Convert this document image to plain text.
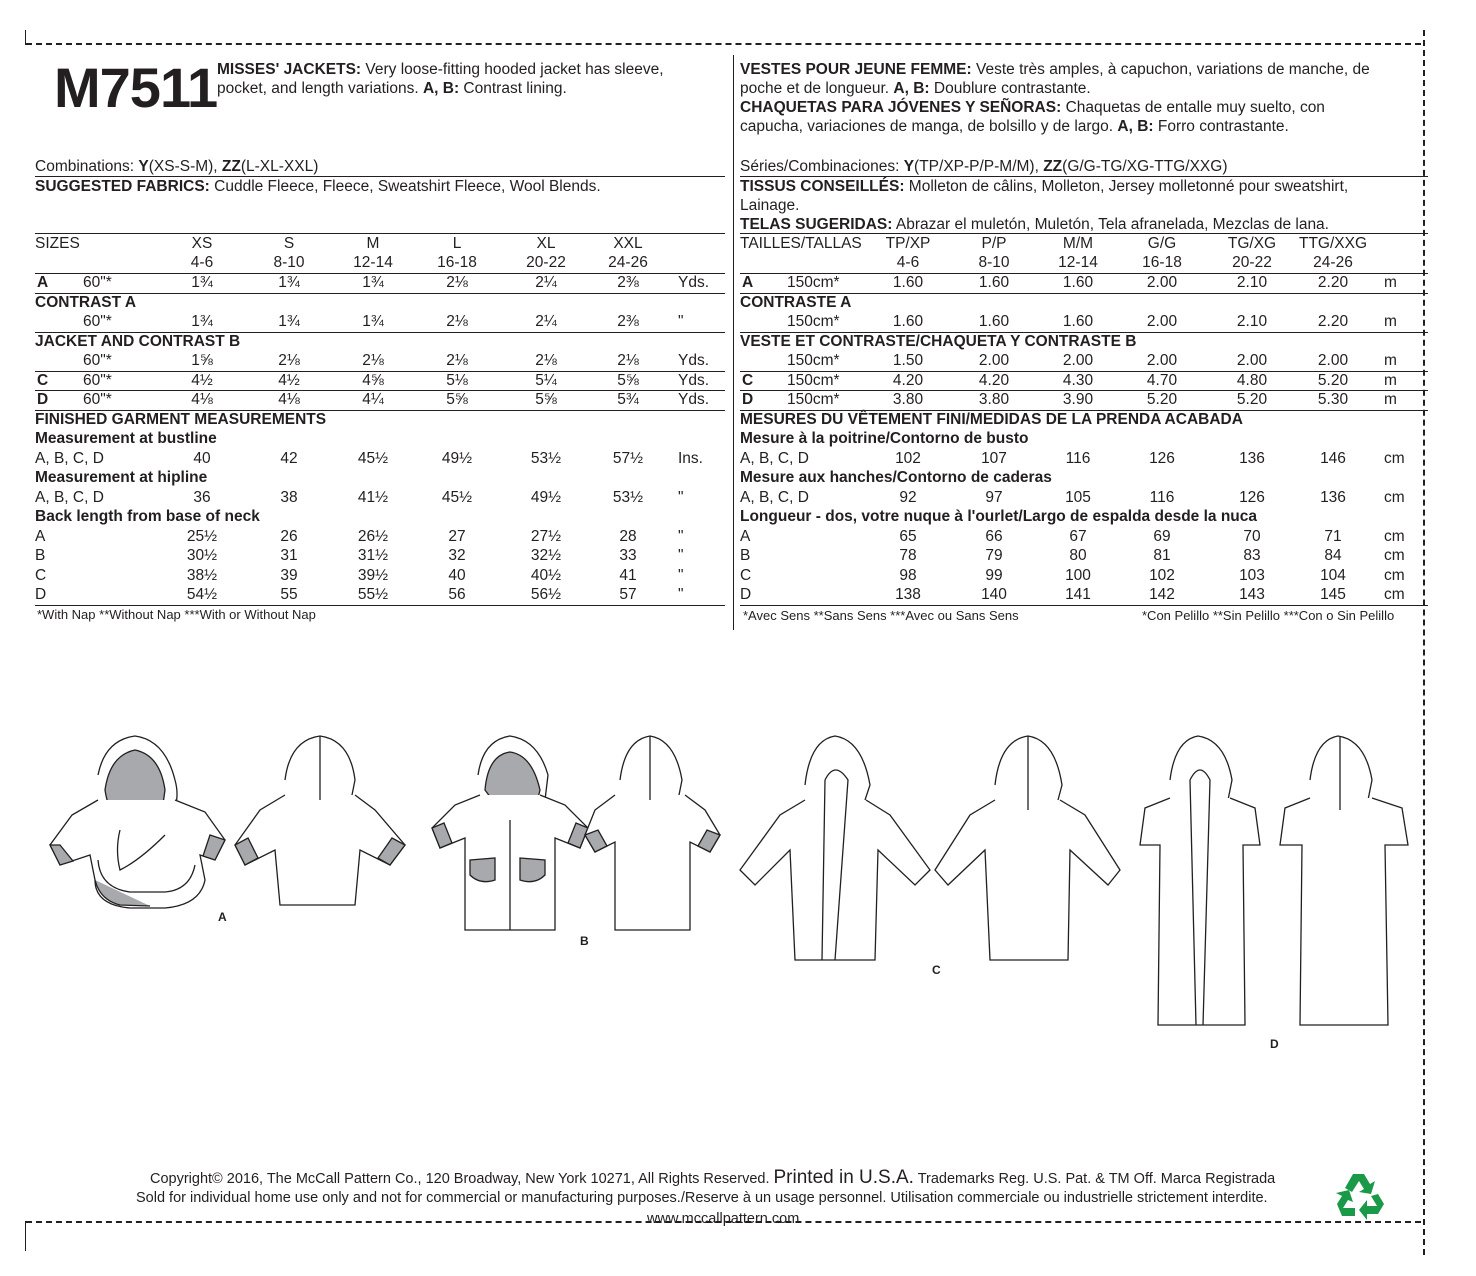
M7511 MISSES' JACKETS: Very loose-fitting hooded jacket has sleeve,
pocket, and length variations. A, B: Contrast lining.
VESTES POUR JEUNE FEMME: Veste très amples, à capuchon, variations de manche, de
poche et de longueur. A, B: Doublure contrastante.
CHAQUETAS PARA JÓVENES Y SEÑORAS: Chaquetas de entalle muy suelto, con
capucha, variaciones de manga, de bolsillo y de largo. A, B: Forro contrastante.
Combinations: Y(XS-S-M), ZZ(L-XL-XXL)
SUGGESTED FABRICS: Cuddle Fleece, Fleece, Sweatshirt Fleece, Wool Blends.
Séries/Combinaciones: Y(TP/XP-P/P-M/M), ZZ(G/G-TG/XG-TTG/XXG)
TISSUS CONSEILLÉS: Molleton de câlins, Molleton, Jersey molletonné pour sweatshirt,
Lainage.
TELAS SUGERIDAS: Abrazar el muletón, Muletón, Tela afranelada, Mezclas de lana.
SIZES	XS	S	M	L	XL	XXL
4-6	8-10	12-14	16-18	20-22	24-26
A 60"*	1¾	1¾	1¾	2⅛	2¼	2⅜	Yds.
CONTRAST A
60"*	1¾	1¾	1¾	2⅛	2¼	2⅜	"
JACKET AND CONTRAST B
60"*	1⅝	2⅛	2⅛	2⅛	2⅛	2⅛	Yds.
C 60"*	4½	4½	4⅝	5⅛	5¼	5⅝	Yds.
D 60"*	4⅛	4⅛	4¼	5⅝	5⅝	5¾	Yds.
FINISHED GARMENT MEASUREMENTS
Measurement at bustline
A, B, C, D	40	42	45½	49½	53½	57½ Ins.
Measurement at hipline
A, B, C, D	36	38	41½	45½	49½	53½ "
Back length from base of neck
A	25½	26	26½	27	27½	28	"
B	30½	31	31½	32	32½	33	"
C	38½	39	39½	40	40½	41	"
D	54½	55	55½	56	56½	57	"
A 150cm*	1.60	1.60	1.60	2.00	2.10	2.20 m
CONTRASTE A
150cm*	1.60	1.60	1.60	2.00	2.10	2.20 m
VESTE ET CONTRASTE/CHAQUETA Y CONTRASTE B
150cm*	1.50	2.00	2.00	2.00	2.00	2.00 m
C 150cm*	4.20	4.20	4.30	4.70	4.80	5.20 m
D 150cm*	3.80	3.80	3.90	5.20	5.20	5.30 m
MESURES DU VÊTEMENT FINI/MEDIDAS DE LA PRENDA ACABADA
Mesure à la poitrine/Contorno de busto
A, B, C, D	102	107	116	126	136	146 cm
Mesure aux hanches/Contorno de caderas
A, B, C, D	92	97	105	116	126	136 cm
Longueur - dos, votre nuque à l'ourlet/Largo de espalda desde la nuca
A	65	66	67	69	70	71	cm
B	78	79	80	81	83	84	cm
C	98	99	100	102	103	104 cm
D	138	140	141	142	143	145 cm
TAILLES/TALLAS TP/XP	P/P	M/M	G/G	TG/XG TTG/XXG
4-6	8-10	12-14	16-18	20-22	24-26
*With Nap **Without Nap ***With or Without Nap	*Avec Sens **Sans Sens ***Avec ou Sans Sens	*Con Pelillo **Sin Pelillo ***Con o Sin Pelillo
A
B
C
D
Copyright© 2016, The McCall Pattern Co., 120 Broadway, New York 10271, All Rights Reserved. Printed in U.S.A. Trademarks Reg. U.S. Pat. & TM Off. Marca Registrada
Sold for individual home use only and not for commercial or manufacturing purposes./Reserve à un usage personnel. Utilisation commerciale ou industrielle strictement interdite.
www.mccallpattern.com
